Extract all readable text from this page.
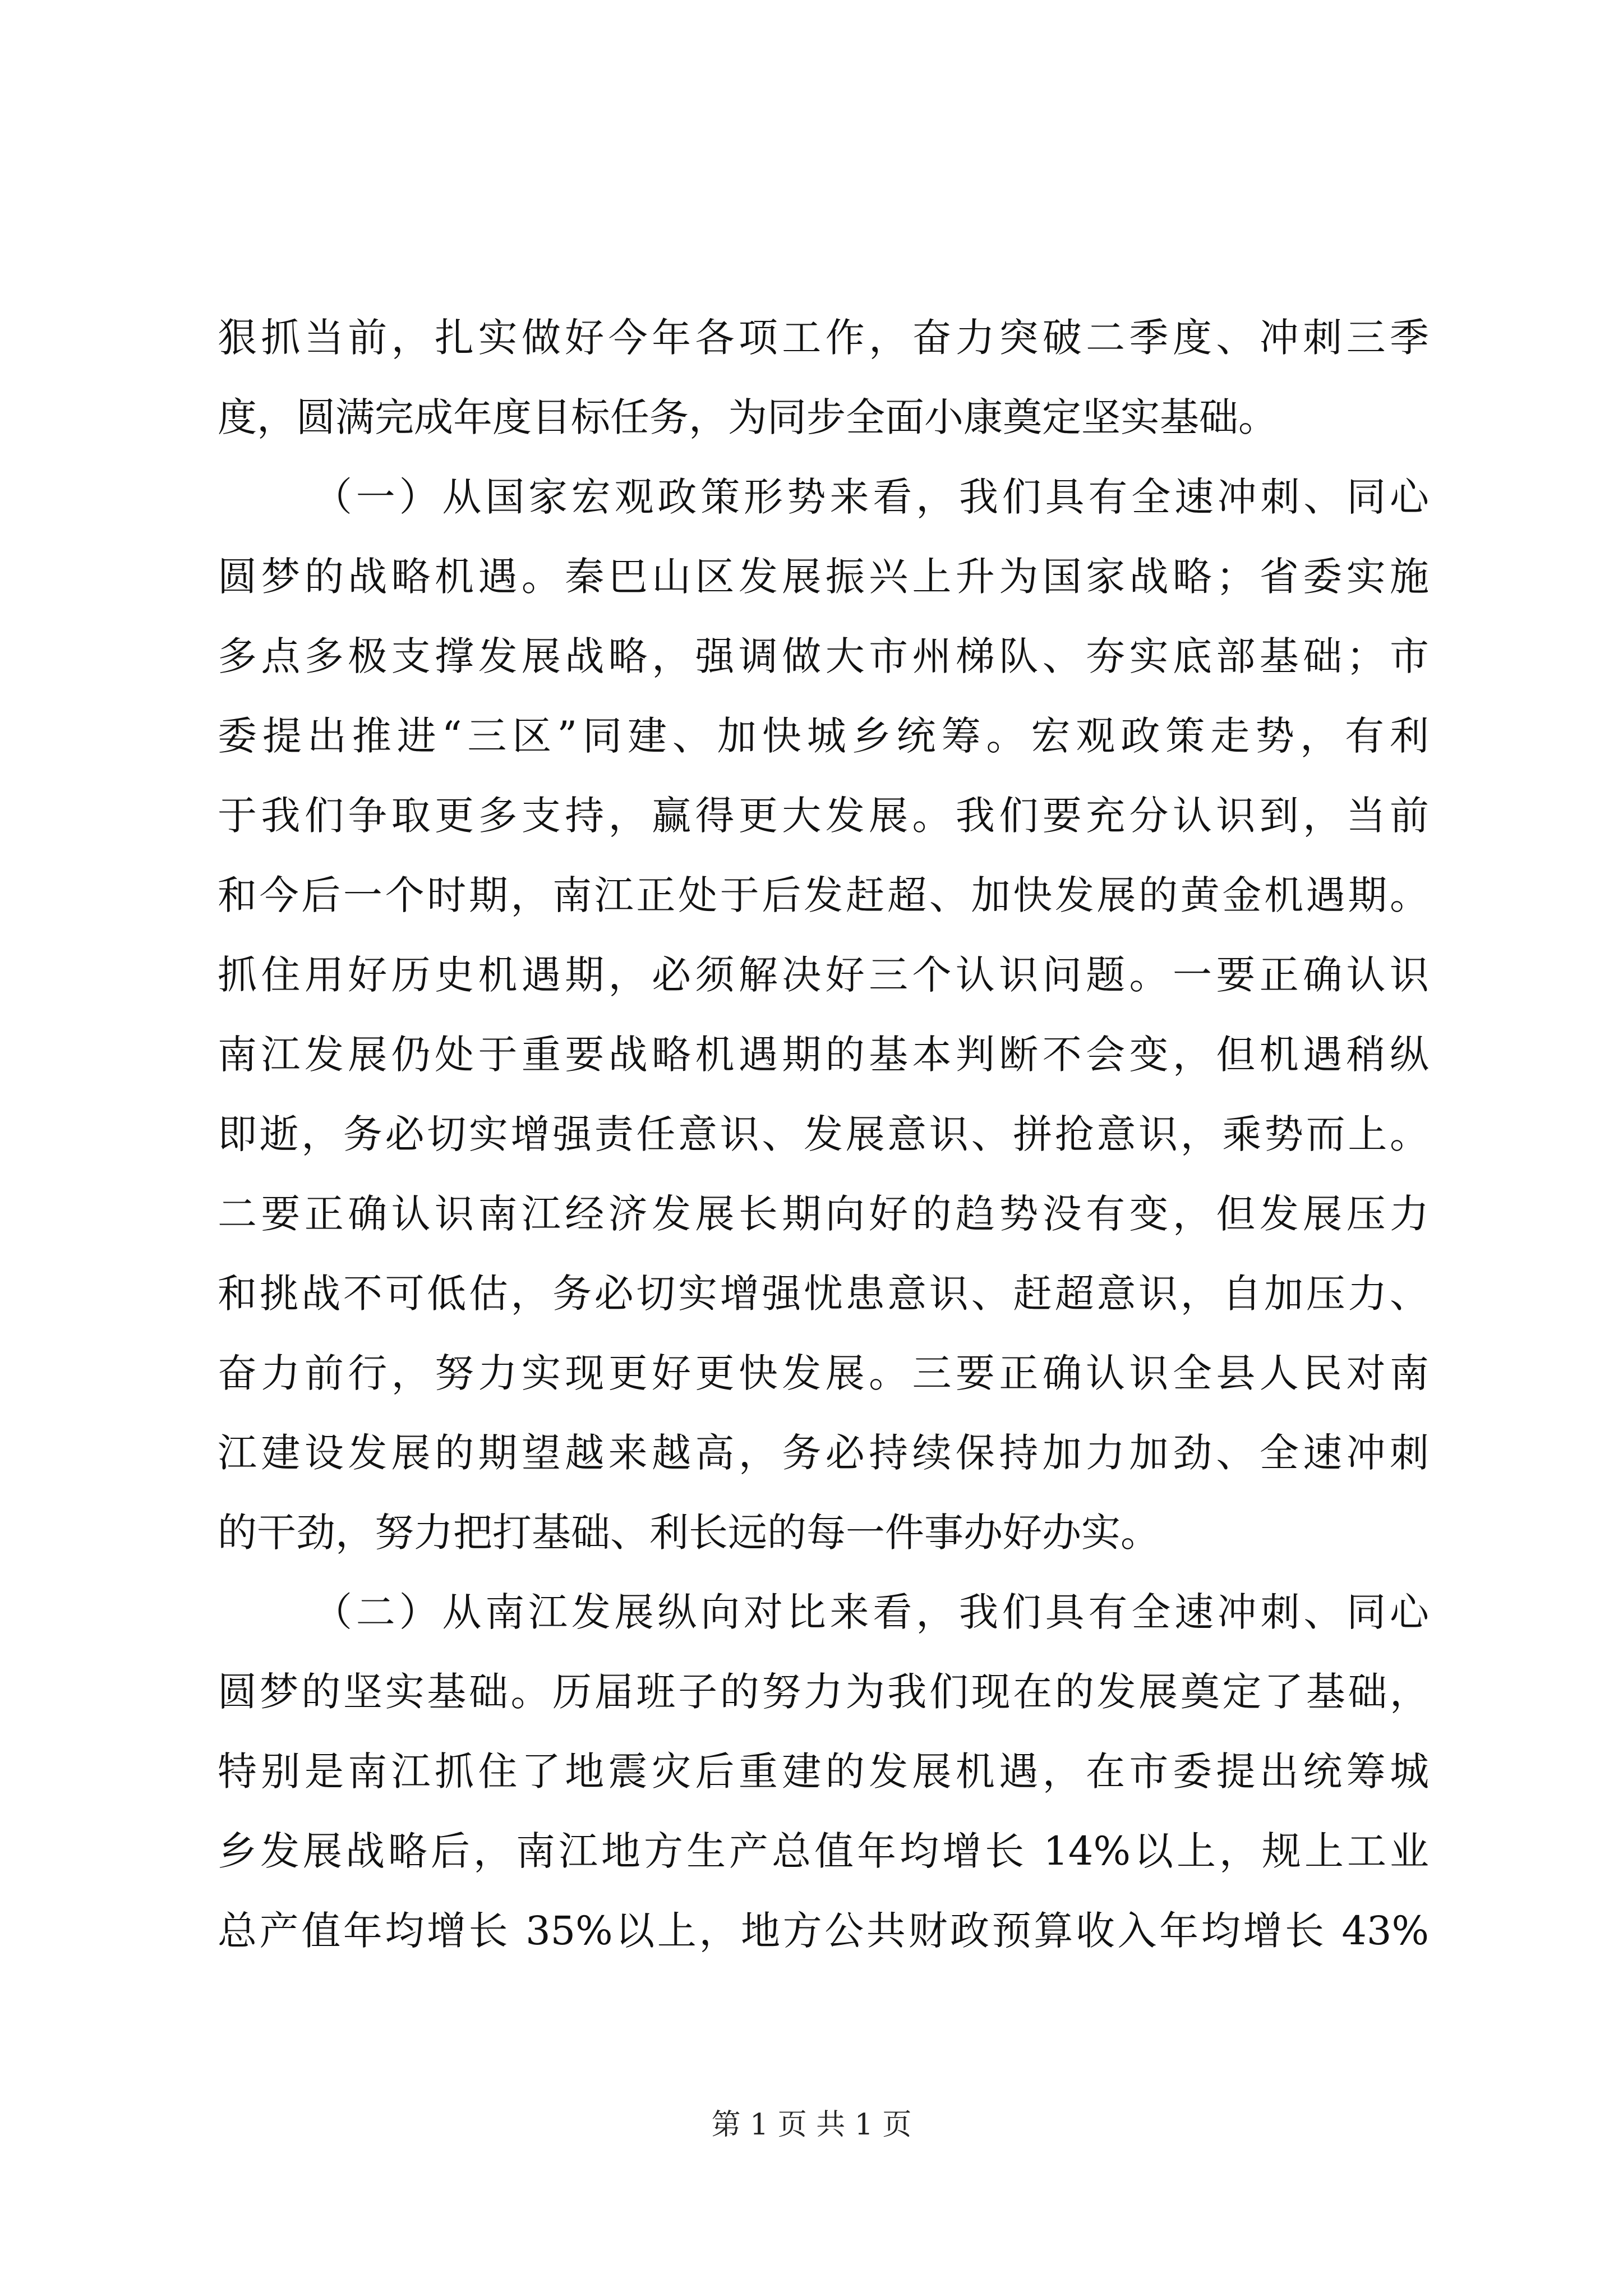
狠抓当前，扎实做好今年各项工作，奋力突破二季度、冲刺三季
度，圆满完成年度目标任务，为同步全面小康奠定坚实基础。
（一）从国家宏观政策形势来看，我们具有全速冲刺、同心
圆梦的战略机遇。秦巴山区发展振兴上升为国家战略；省委实施
多点多极支撑发展战略，强调做大市州梯队、夯实底部基础；市
委提出推进“三区”同建、加快城乡统筹。宏观政策走势，有利
于我们争取更多支持，赢得更大发展。我们要充分认识到，当前
和今后一个时期，南江正处于后发赶超、加快发展的黄金机遇期。
抓住用好历史机遇期，必须解决好三个认识问题。一要正确认识
南江发展仍处于重要战略机遇期的基本判断不会变，但机遇稍纵
即逝，务必切实增强责任意识、发展意识、拼抢意识，乘势而上。
二要正确认识南江经济发展长期向好的趋势没有变，但发展压力
和挑战不可低估，务必切实增强忧患意识、赶超意识，自加压力、
奋力前行，努力实现更好更快发展。三要正确认识全县人民对南
江建设发展的期望越来越高，务必持续保持加力加劲、全速冲刺
的干劲，努力把打基础、利长远的每一件事办好办实。
（二）从南江发展纵向对比来看，我们具有全速冲刺、同心
圆梦的坚实基础。历届班子的努力为我们现在的发展奠定了基础，
特别是南江抓住了地震灾后重建的发展机遇，在市委提出统筹城
乡发展战略后，南江地方生产总值年均增长 14%以上，规上工业
总产值年均增长 35%以上，地方公共财政预算收入年均增长 43%
第 1 页 共 1 页
